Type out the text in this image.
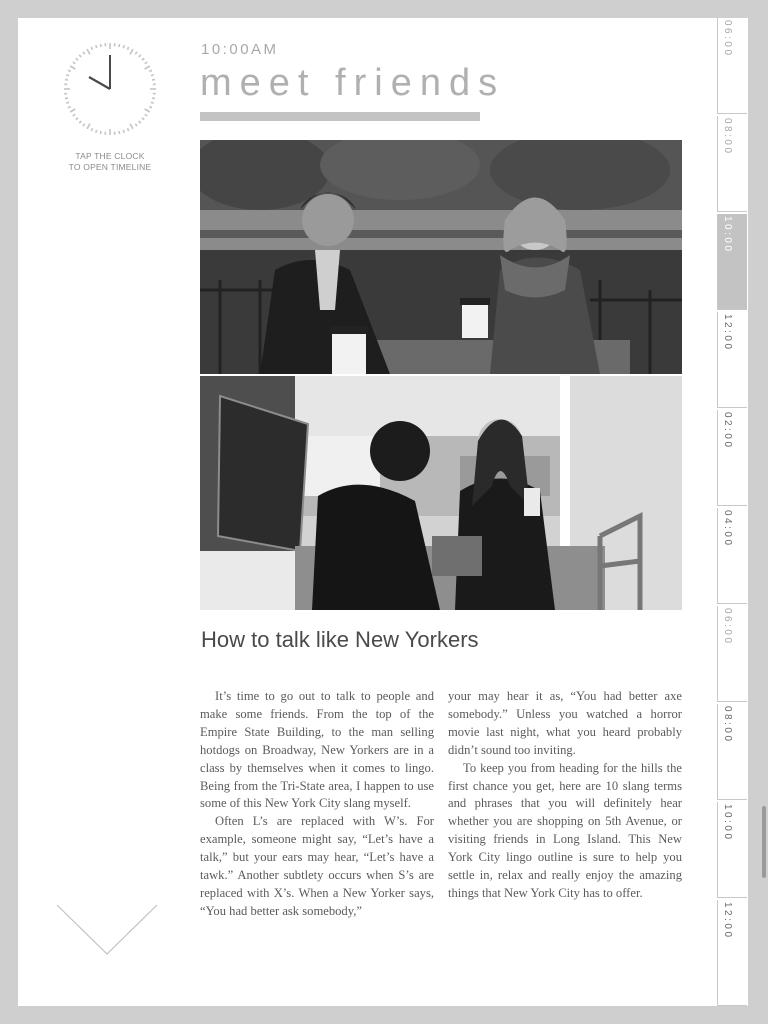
TAP THE CLOCK
TO OPEN TIMELINE
10:00AM
meet friends
How to talk like New Yorkers

It’s time to go out to talk to people and make some friends. From the top of the Empire State Building, to the man selling hotdogs on Broadway, New Yorkers are in a class by themselves when it comes to lingo. Being from the Tri-State area, I happen to use some of this New York City slang myself.

Often L’s are replaced with W’s. For example, someone might say, “Let’s have a talk,” but your ears may hear, “Let’s have a tawk.” Another subtlety occurs when S’s are replaced with X’s. When a New Yorker says, “You had better ask somebody,”

your may hear it as, “You had better axe somebody.” Unless you watched a horror movie last night, what you heard probably didn’t sound too inviting.

To keep you from heading for the hills the first chance you get, here are 10 slang terms and phrases that you will definitely hear whether you are shopping on 5th Avenue, or visiting friends in Long Island. This New York City lingo outline is sure to help you settle in, relax and really enjoy the amazing things that New York City has to offer.

06:00
08:00
10:00
12:00
02:00
04:00
06:00
08:00
10:00
12:00
